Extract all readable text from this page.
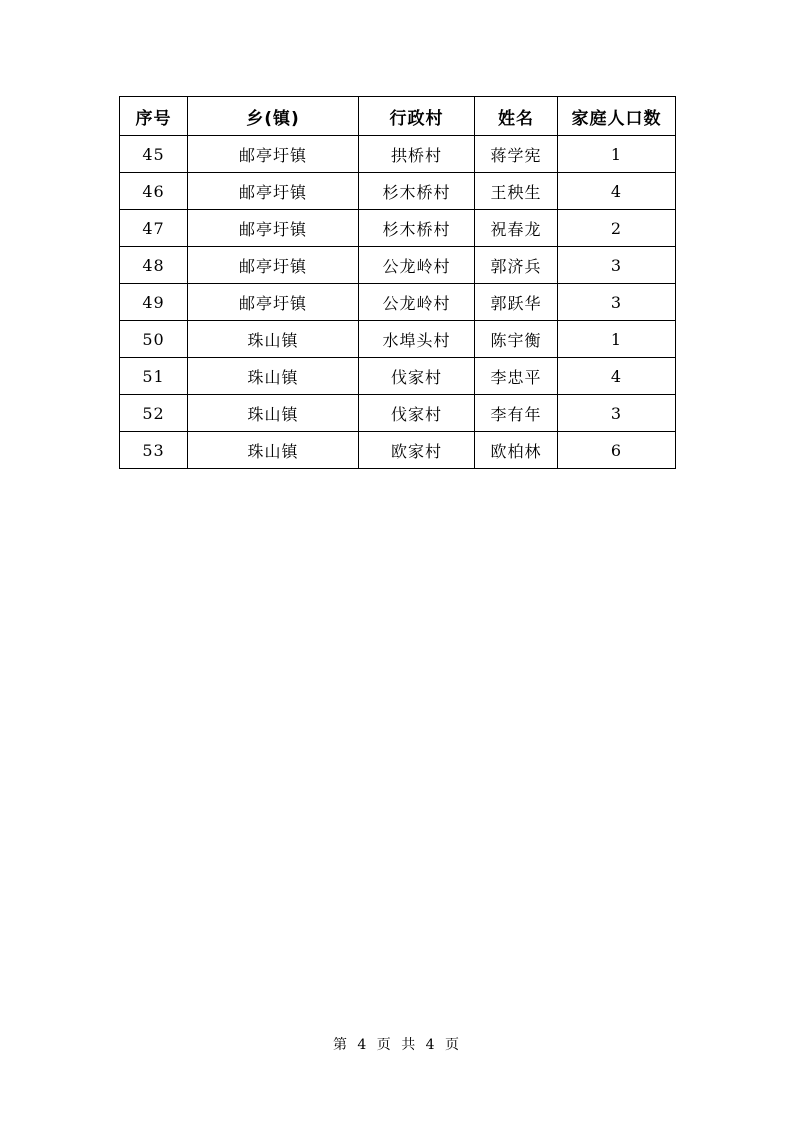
序号	乡(镇)	行政村	姓名	家庭人口数
45	邮亭圩镇	拱桥村	蒋学宪	1
46	邮亭圩镇	杉木桥村	王秧生	4
47	邮亭圩镇	杉木桥村	祝春龙	2
48	邮亭圩镇	公龙岭村	郭济兵	3
49	邮亭圩镇	公龙岭村	郭跃华	3
50	珠山镇	水埠头村	陈宇衡	1
51	珠山镇	伐家村	李忠平	4
52	珠山镇	伐家村	李有年	3
53	珠山镇	欧家村	欧柏林	6
第 4 页 共 4 页
